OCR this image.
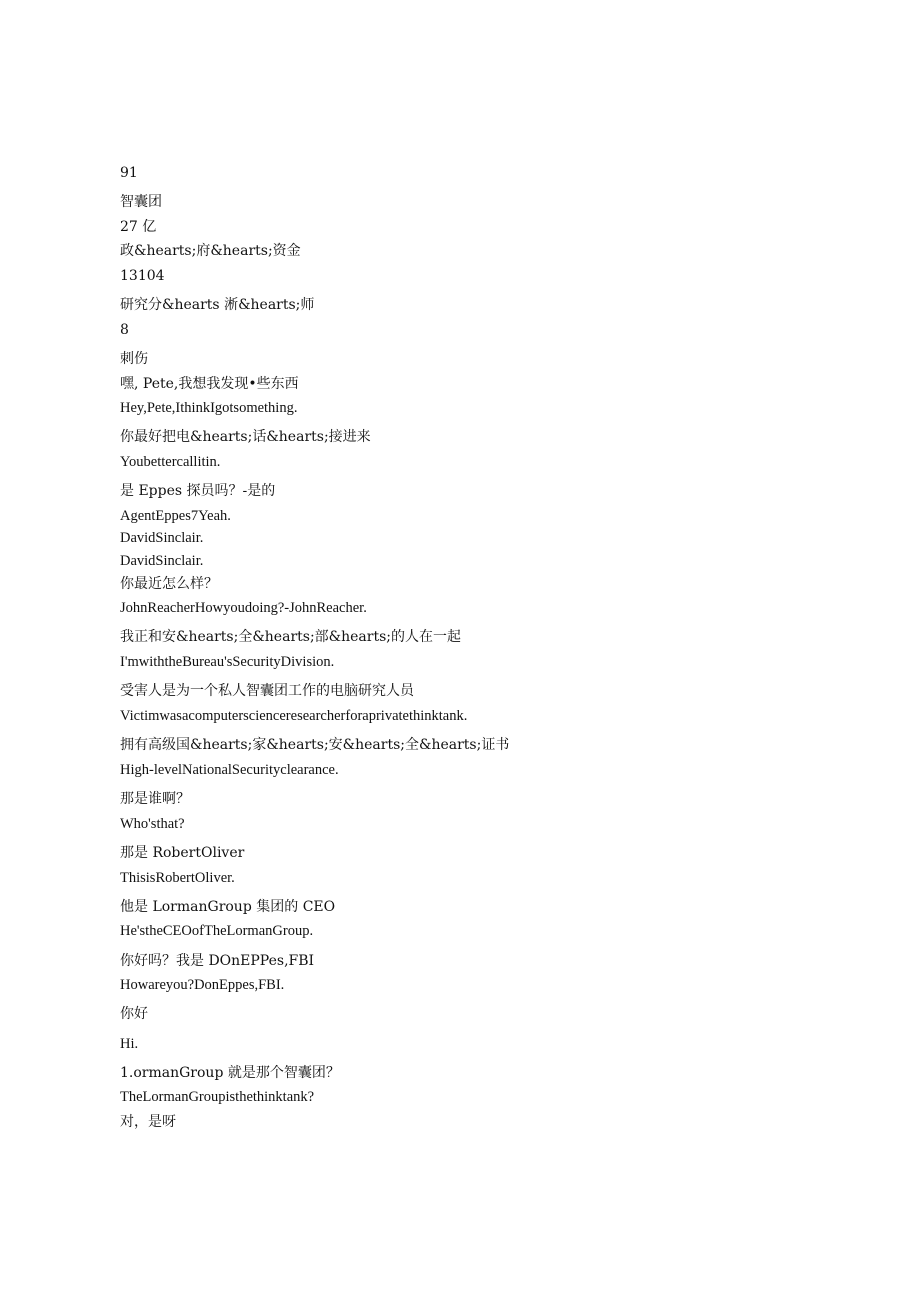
91
智囊团
27 亿
政&hearts;府&hearts;资金
13104
研究分&hearts 淅&hearts;师
8
刺伤
嘿, Pete,我想我发现•些东西
Hey,Pete,IthinkIgotsomething.
你最好把电&hearts;话&hearts;接进来
Youbettercallitin.
是 Eppes 探员吗？-是的
AgentEppes7Yeah.
DavidSinclair.
DavidSinclair.
你最近怎么样？
JohnReacherHowyoudoing?-JohnReacher.
我正和安&hearts;全&hearts;部&hearts;的人在一起
I'mwiththeBureau'sSecurityDivision.
受害人是为一个私人智囊团工作的电脑研究人员
Victimwasacomputerscienceresearcherforaprivatethinktank.
拥有高级国&hearts;家&hearts;安&hearts;全&hearts;证书
High-levelNationalSecurityclearance.
那是谁啊？
Who'sthat?
那是 RobertOliver
ThisisRobertOliver.
他是 LormanGroup 集团的 CEO
He'stheCEOofTheLormanGroup.
你好吗？我是 DOnEPPes,FBI
Howareyou?DonEppes,FBI.
你好
Hi.
1.ormanGroup 就是那个智囊团？
TheLormanGroupisthethinktank?
对，是呀
